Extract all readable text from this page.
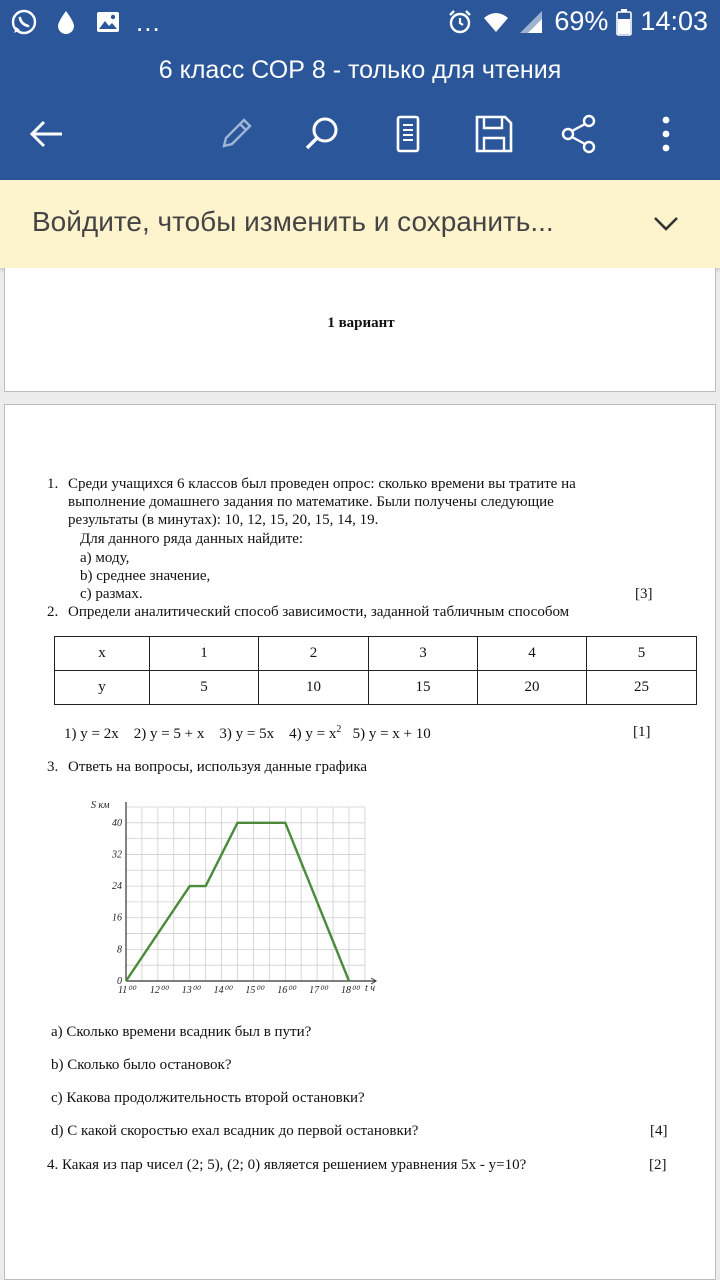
...	69% 14:03
6 класс СОР 8 - только для чтения
Войдите, чтобы изменить и сохранить...
1 вариант
1. Среди учащихся 6 классов был проведен опрос: сколько времени вы тратите на
выполнение домашнего задания по математике. Были получены следующие
результаты (в минутах): 10, 12, 15, 20, 15, 14, 19.
Для данного ряда данных найдите:
a) моду,
b) среднее значение,
c) размах.	[3]
2. Определи аналитический способ зависимости, заданной табличным способом
x	1	2	3	4	5
y	5	10	15	20	25
1) y = 2x 2) y = 5 + x 3) y = 5x 4) $y = x^2$ 5) y = x + 10	[1]
3. Ответь на вопросы, используя данные графика
11⁰⁰ 12⁰⁰ 13⁰⁰ 14⁰⁰ 15⁰⁰ 16⁰⁰ 17⁰⁰ 18⁰⁰
0
8
16
24
32
40
S км
t ч
a) Сколько времени всадник был в пути?
b) Сколько было остановок?
c) Какова продолжительность второй остановки?
d) С какой скоростью ехал всадник до первой остановки?	[4]
4. Какая из пар чисел (2; 5), (2; 0) является решением уравнения 5x - y=10?	[2]
